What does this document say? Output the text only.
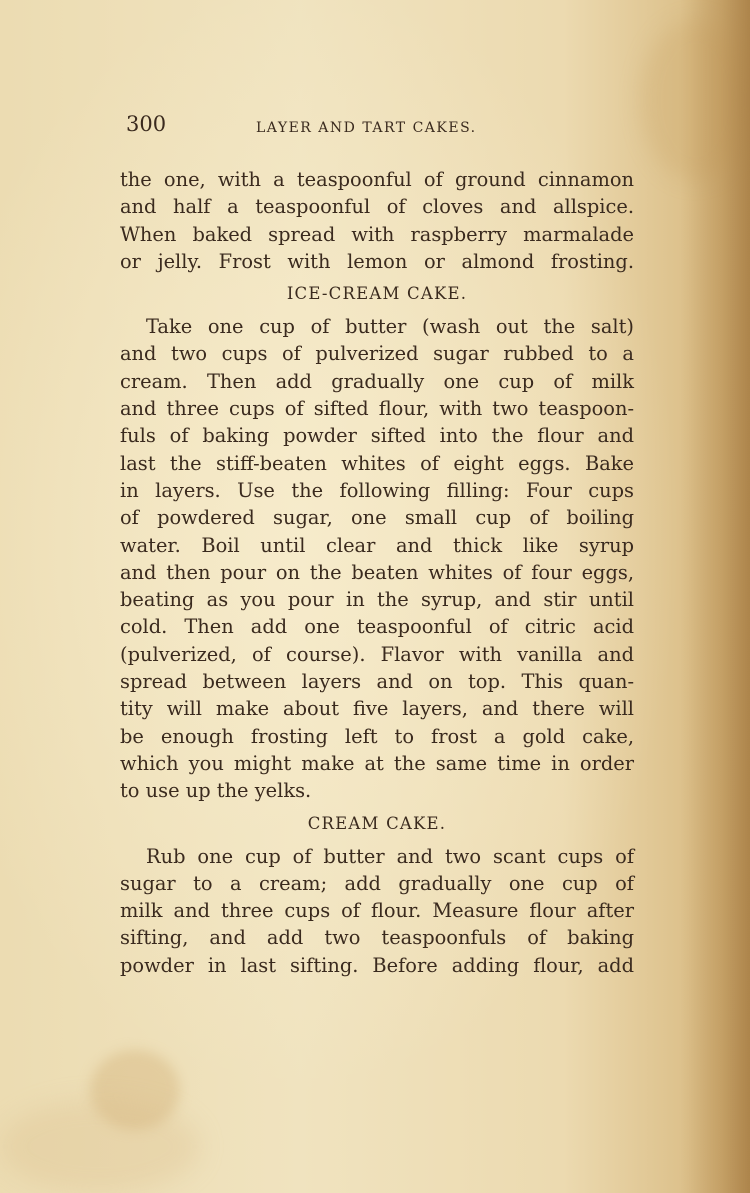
300	LAYER AND TART CAKES.
the one, with a teaspoonful of ground cinnamon
and half a teaspoonful of cloves and allspice.
When baked spread with raspberry marmalade
or jelly. Frost with lemon or almond frosting.
ICE-CREAM CAKE.
Take one cup of butter (wash out the salt)
and two cups of pulverized sugar rubbed to a
cream. Then add gradually one cup of milk
and three cups of sifted flour, with two teaspoon-
fuls of baking powder sifted into the flour and
last the stiff-beaten whites of eight eggs. Bake
in layers. Use the following filling: Four cups
of powdered sugar, one small cup of boiling
water. Boil until clear and thick like syrup
and then pour on the beaten whites of four eggs,
beating as you pour in the syrup, and stir until
cold. Then add one teaspoonful of citric acid
(pulverized, of course). Flavor with vanilla and
spread between layers and on top. This quan-
tity will make about five layers, and there will
be enough frosting left to frost a gold cake,
which you might make at the same time in order
to use up the yelks.
CREAM CAKE.
Rub one cup of butter and two scant cups of
sugar to a cream; add gradually one cup of
milk and three cups of flour. Measure flour after
sifting, and add two teaspoonfuls of baking
powder in last sifting. Before adding flour, add
